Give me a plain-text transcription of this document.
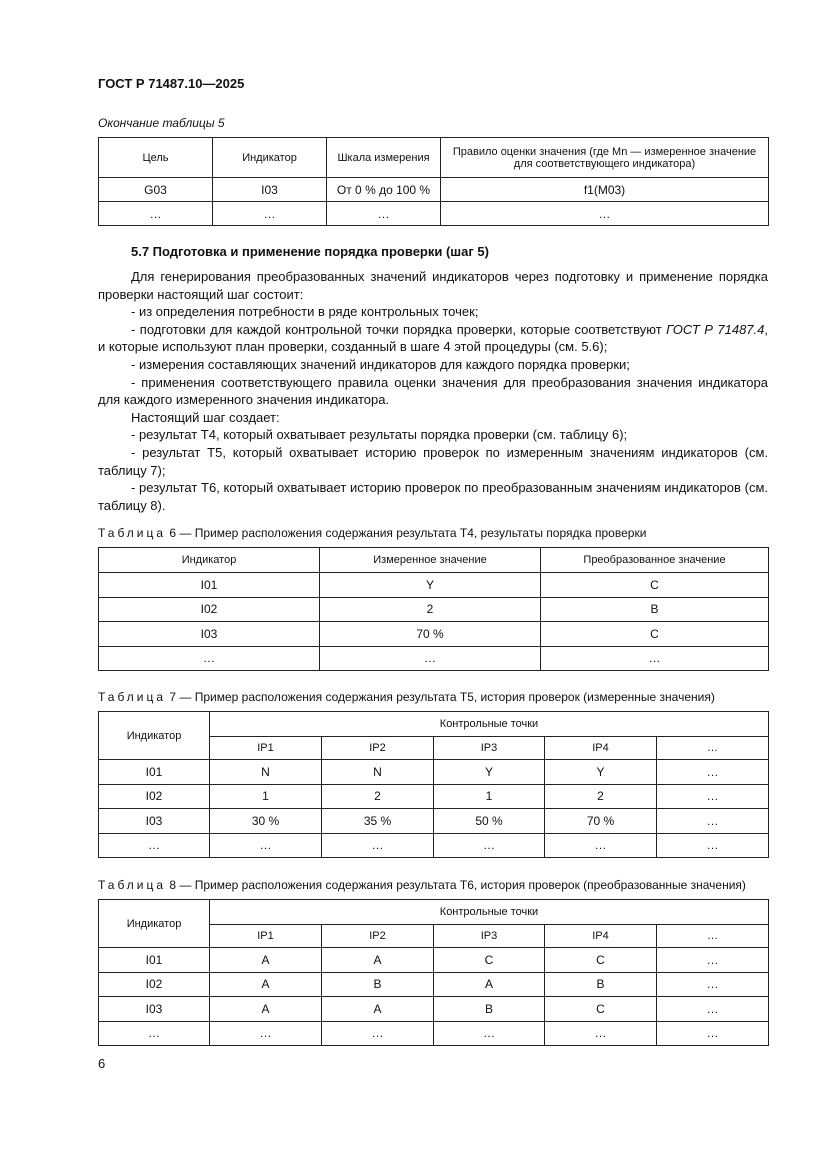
ГОСТ Р 71487.10—2025
Окончание таблицы 5
Цель	Индикатор	Шкала измерения	Правило оценки значения (где Mn — измеренное значение для соответствующего индикатора)
G03	I03	От 0 % до 100 %	f1(M03)
…	…	…	…
5.7 Подготовка и применение порядка проверки (шаг 5)

Для генерирования преобразованных значений индикаторов через подготовку и применение порядка проверки настоящий шаг состоит:

- из определения потребности в ряде контрольных точек;

- подготовки для каждой контрольной точки порядка проверки, которые соответствуют ГОСТ Р 71487.4, и которые используют план проверки, созданный в шаге 4 этой процедуры (см. 5.6);

- измерения составляющих значений индикаторов для каждого порядка проверки;

- применения соответствующего правила оценки значения для преобразования значения индикатора для каждого измеренного значения индикатора.

Настоящий шаг создает:

- результат T4, который охватывает результаты порядка проверки (см. таблицу 6);

- результат T5, который охватывает историю проверок по измеренным значениям индикаторов (см. таблицу 7);

- результат T6, который охватывает историю проверок по преобразованным значениям индикаторов (см. таблицу 8).

Таблица 6 — Пример расположения содержания результата T4, результаты порядка проверки
Индикатор	Измеренное значение	Преобразованное значение
I01	Y	C
I02	2	B
I03	70 %	C
…	…	…
Таблица 7 — Пример расположения содержания результата T5, история проверок (измеренные значения)
Индикатор	Контрольные точки				
	IP1	IP2	IP3	IP4	…
I01	N	N	Y	Y	…
I02	1	2	1	2	…
I03	30 %	35 %	50 %	70 %	…
…	…	…	…	…	…
Таблица 8 — Пример расположения содержания результата T6, история проверок (преобразованные значения)
Индикатор	Контрольные точки				
	IP1	IP2	IP3	IP4	…
I01	A	A	C	C	…
I02	A	B	A	B	…
I03	A	A	B	C	…
…	…	…	…	…	…
6
